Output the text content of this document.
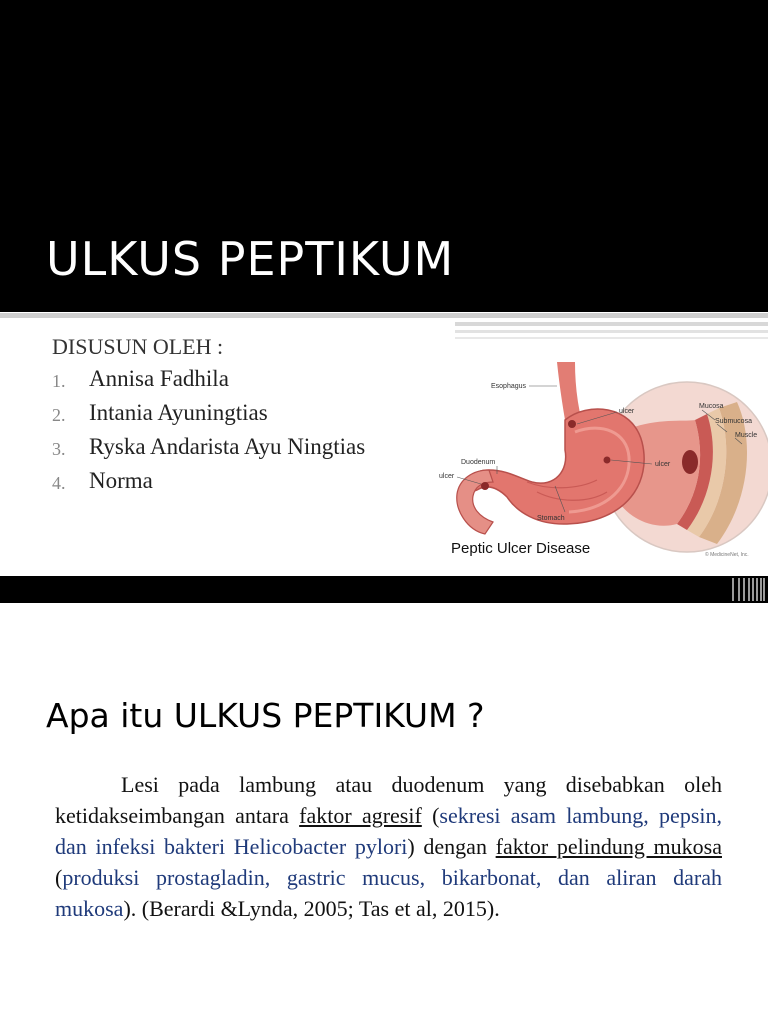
ULKUS PEPTIKUM

DISUSUN OLEH :

1. Annisa Fadhila
2. Intania Ayuningtias
3. Ryska Andarista Ayu Ningtias
4. Norma
Esophagus
ulcer
Duodenum
ulcer
Stomach
ulcer
Mucosa
Submucosa
Muscle
Peptic Ulcer Disease	© MedicineNet, Inc.
Apa itu ULKUS PEPTIKUM ?

Lesi pada lambung atau duodenum yang disebabkan oleh ketidakseimbangan antara faktor agresif (sekresi asam lambung, pepsin, dan infeksi bakteri Helicobacter pylori) dengan faktor pelindung mukosa (produksi prostagladin, gastric mucus, bikarbonat, dan aliran darah mukosa). (Berardi &Lynda, 2005; Tas et al, 2015).
